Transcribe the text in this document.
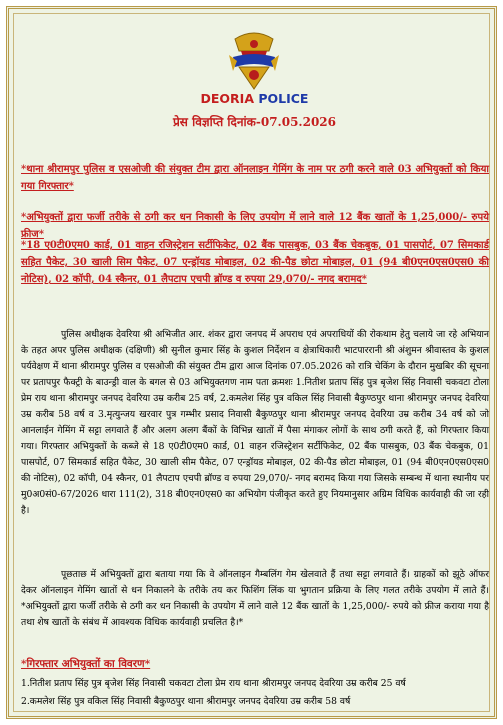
DEORIA POLICE
प्रेस विज्ञप्ति दिनांक-07.05.2026
*थाना श्रीरामपुर पुलिस व एसओजी की संयुक्त टीम द्वारा ऑनलाइन गेमिंग के नाम पर ठगी करने वाले 03 अभियुक्तों को किया गया गिरफ्तार*
*अभियुक्तों द्वारा फर्जी तरीके से ठगी कर धन निकासी के लिए उपयोग में लाने वाले 12 बैंक खातों के 1,25,000/- रुपये फ्रीज*
*18 ए0टी0एम0 कार्ड, 01 वाहन रजिस्ट्रेशन सर्टीफिकेट, 02 बैंक पासबुक, 03 बैंक चेकबुक, 01 पासपोर्ट, 07 सिमकार्ड सहित पैकेट, 30 खाली सिम पैकेट, 07 एन्ड्रॉयड मोबाइल, 02 की-पैड छोटा मोबाइल, 01 (94 बी0एन0एस0एस0 की नोटिस), 02 कॉपी, 04 स्कैनर, 01 लैपटाप एचपी ब्रॉण्ड व रुपया 29,070/- नगद बरामद*

पुलिस अधीक्षक देवरिया श्री अभिजीत आर. शंकर द्वारा जनपद में अपराध एवं अपराधियों की रोकथाम हेतु चलाये जा रहे अभियान के तहत अपर पुलिस अधीक्षक (दक्षिणी) श्री सुनील कुमार सिंह के कुशल निर्देशन व क्षेत्राधिकारी भाटपाररानी श्री अंशुमन श्रीवास्तव के कुशल पर्यवेक्षण में थाना श्रीरामपुर पुलिस व एसओजी की संयुक्त टीम द्वारा आज दिनांक 07.05.2026 को रात्रि चेकिंग के दौरान मुखबिर की सूचना पर प्रतापपुर फैक्ट्री के बाउन्ड्री वाल के बगल से 03 अभियुक्तगण नाम पता क्रमशः 1.नितीश प्रताप सिंह पुत्र बृजेश सिंह निवासी चकवटा टोला प्रेम राय थाना श्रीरामपुर जनपद देवरिया उम्र करीब 25 वर्ष, 2.कमलेश सिंह पुत्र वकिल सिंह निवासी बैकुण्ठपुर थाना श्रीरामपुर जनपद देवरिया उम्र करीब 58 वर्ष व 3.मृत्युन्जय खरवार पुत्र गम्भीर प्रसाद निवासी बैकुण्ठपुर थाना श्रीरामपुर जनपद देवरिया उम्र करीब 34 वर्ष को जो आनलाईन गेमिंग में सट्टा लगवाते हैं और अलग अलग बैंकों के विभिन्न खातों में पैसा मंगाकर लोगों के साथ ठगी करते हैं, को गिरफ्तार किया गया। गिरफ्तार अभियुक्तों के कब्जे से 18 ए0टी0एम0 कार्ड, 01 वाहन रजिस्ट्रेशन सर्टीफिकेट, 02 बैंक पासबुक, 03 बैंक चेकबुक, 01 पासपोर्ट, 07 सिमकार्ड सहित पैकेट, 30 खाली सीम पैकेट, 07 एन्ड्रॉयड मोबाइल, 02 की-पैड छोटा मोबाइल, 01 (94 बी0एन0एस0एस0 की नोटिस), 02 कॉपी, 04 स्कैनर, 01 लैपटाप एचपी ब्रॉण्ड व रुपया 29,070/- नगद बरामद किया गया जिसके सम्बन्ध में थाना स्थानीय पर मु0अ0सं0-67/2026 धारा 111(2), 318 बी0एन0एस0 का अभियोग पंजीकृत करते हुए नियमानुसार अग्रिम विधिक कार्यवाही की जा रही है।

पूछताछ में अभियुक्तों द्वारा बताया गया कि वे ऑनलाइन गैम्बलिंग गेम खेलवाते हैं तथा सट्टा लगवाते हैं। ग्राहकों को झूठे ऑफर देकर ऑनलाइन गेमिंग खातों से धन निकालने के तरीके तय कर फिशिंग लिंक या भुगतान प्रक्रिया के लिए गलत तरीके उपयोग में लाते हैं। *अभियुक्तों द्वारा फर्जी तरीके से ठगी कर धन निकासी के उपयोग में लाने वाले 12 बैंक खातों के 1,25,000/- रुपये को फ्रीज कराया गया है तथा शेष खातों के संबंध में आवश्यक विधिक कार्यवाही प्रचलित है।*

*गिरफ्तार अभियुक्तों का विवरण*
1.नितीश प्रताप सिंह पुत्र बृजेश सिंह निवासी चकवटा टोला प्रेम राय थाना श्रीरामपुर जनपद देवरिया उम्र करीब 25 वर्ष
2.कमलेश सिंह पुत्र वकिल सिंह निवासी बैकुण्ठपुर थाना श्रीरामपुर जनपद देवरिया उम्र करीब 58 वर्ष
